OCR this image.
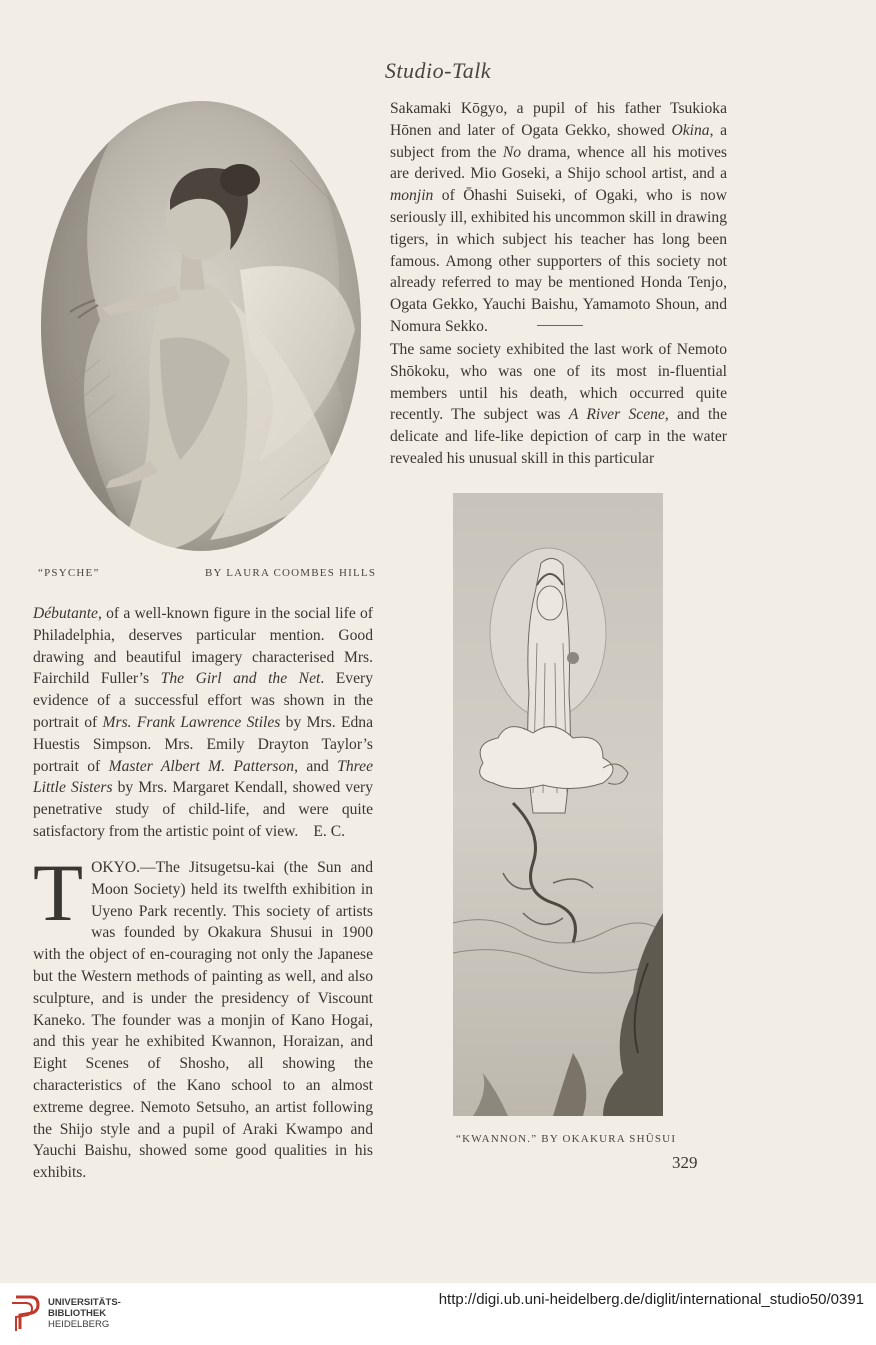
Studio-Talk
“PSYCHE”	BY LAURA COOMBES HILLS

Sakamaki Kōgyo, a pupil of his father Tsukioka Hōnen and later of Ogata Gekko, showed Okina, a subject from the No drama, whence all his motives are derived. Mio Goseki, a Shijo school artist, and a monjin of Ōhashi Suiseki, of Ogaki, who is now seriously ill, exhibited his uncommon skill in drawing tigers, in which subject his teacher has long been famous. Among other supporters of this society not already referred to may be mentioned Honda Tenjo, Ogata Gekko, Yauchi Baishu, Yamamoto Shoun, and Nomura Sekko.

The same society exhibited the last work of Nemoto Shōkoku, who was one of its most in-fluential members until his death, which occurred quite recently. The subject was A River Scene, and the delicate and life-like depiction of carp in the water revealed his unusual skill in this particular

“KWANNON.” BY OKAKURA SHŪSUI

Débutante, of a well-known figure in the social life of Philadelphia, deserves particular mention. Good drawing and beautiful imagery characterised Mrs. Fairchild Fuller’s The Girl and the Net. Every evidence of a successful effort was shown in the portrait of Mrs. Frank Lawrence Stiles by Mrs. Edna Huestis Simpson. Mrs. Emily Drayton Taylor’s portrait of Master Albert M. Patterson, and Three Little Sisters by Mrs. Margaret Kendall, showed very penetrative study of child-life, and were quite satisfactory from the artistic point of view. E. C.

T OKYO.—The Jitsugetsu-kai (the Sun and Moon Society) held its twelfth exhibition in Uyeno Park recently. This society of artists was founded by Okakura Shusui in 1900 with the object of en-couraging not only the Japanese but the Western methods of painting as well, and also sculpture, and is under the presidency of Viscount Kaneko. The founder was a monjin of Kano Hogai, and this year he exhibited Kwannon, Horaizan, and Eight Scenes of Shosho, all showing the characteristics of the Kano school to an almost extreme degree. Nemoto Setsuho, an artist following the Shijo style and a pupil of Araki Kwampo and Yauchi Baishu, showed some good qualities in his exhibits.
329
UNIVERSITÄTS-
BIBLIOTHEK
HEIDELBERG
http://digi.ub.uni-heidelberg.de/diglit/international_studio50/0391
